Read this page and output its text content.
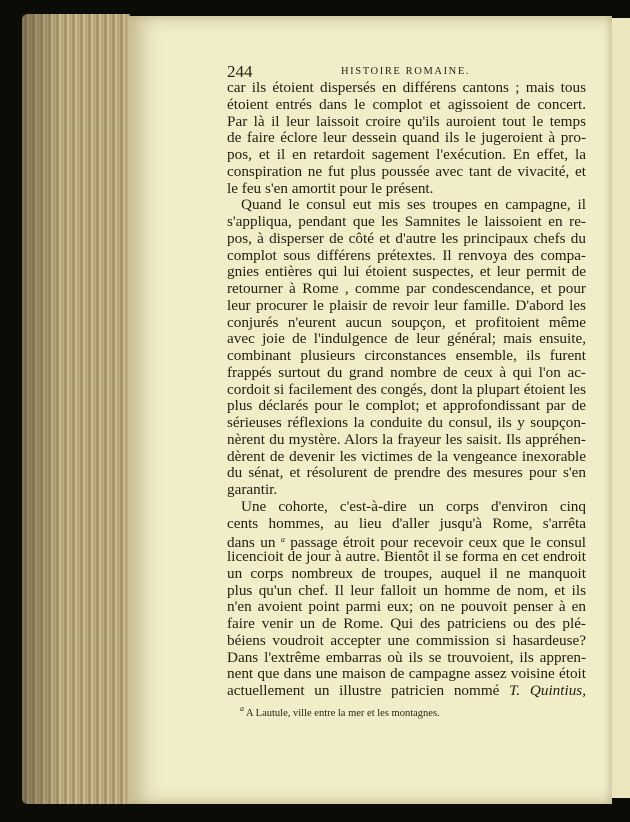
244	HISTOIRE ROMAINE.
car ils étoient dispersés en différens cantons ; mais tous
étoient entrés dans le complot et agissoient de concert.
Par là il leur laissoit croire qu'ils auroient tout le temps
de faire éclore leur dessein quand ils le jugeroient à pro-
pos, et il en retardoit sagement l'exécution. En effet, la
conspiration ne fut plus poussée avec tant de vivacité, et
le feu s'en amortit pour le présent.
Quand le consul eut mis ses troupes en campagne, il
s'appliqua, pendant que les Samnites le laissoient en re-
pos, à disperser de côté et d'autre les principaux chefs du
complot sous différens prétextes. Il renvoya des compa-
gnies entières qui lui étoient suspectes, et leur permit de
retourner à Rome , comme par condescendance, et pour
leur procurer le plaisir de revoir leur famille. D'abord les
conjurés n'eurent aucun soupçon, et profitoient même
avec joie de l'indulgence de leur général; mais ensuite,
combinant plusieurs circonstances ensemble, ils furent
frappés surtout du grand nombre de ceux à qui l'on ac-
cordoit si facilement des congés, dont la plupart étoient les
plus déclarés pour le complot; et approfondissant par de
sérieuses réflexions la conduite du consul, ils y soupçon-
nèrent du mystère. Alors la frayeur les saisit. Ils appréhen-
dèrent de devenir les victimes de la vengeance inexorable
du sénat, et résolurent de prendre des mesures pour s'en
garantir.
Une cohorte, c'est-à-dire un corps d'environ cinq
cents hommes, au lieu d'aller jusqu'à Rome, s'arrêta
dans un $^a$ passage étroit pour recevoir ceux que le consul
licencioit de jour à autre. Bientôt il se forma en cet endroit
un corps nombreux de troupes, auquel il ne manquoit
plus qu'un chef. Il leur falloit un homme de nom, et ils
n'en avoient point parmi eux; on ne pouvoit penser à en
faire venir un de Rome. Qui des patriciens ou des plé-
béiens voudroit accepter une commission si hasardeuse?
Dans l'extrême embarras où ils se trouvoient, ils appren-
nent que dans une maison de campagne assez voisine étoit
actuellement un illustre patricien nommé T. Quintius,
$^a$ A Lautule, ville entre la mer et les montagnes.
